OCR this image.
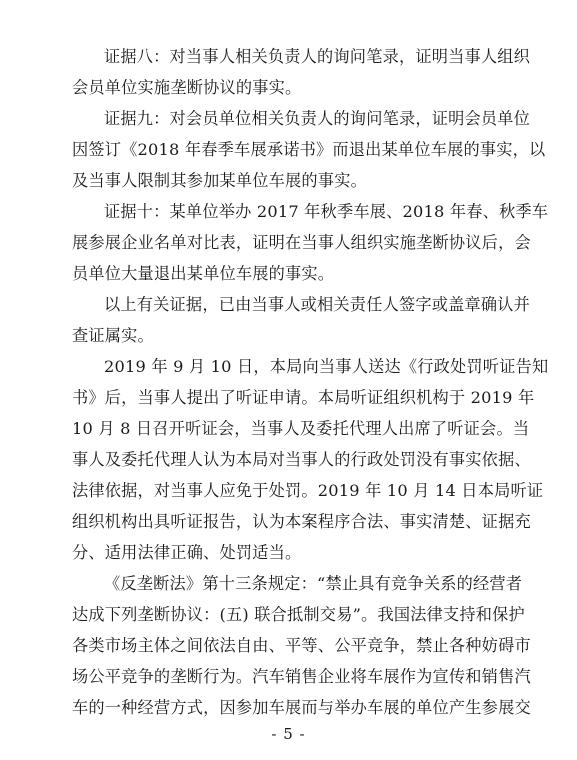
证据八：对当事人相关负责人的询问笔录，证明当事人组织
会员单位实施垄断协议的事实。
证据九：对会员单位相关负责人的询问笔录，证明会员单位
因签订《2018 年春季车展承诺书》而退出某单位车展的事实，以
及当事人限制其参加某单位车展的事实。
证据十：某单位举办 2017 年秋季车展、2018 年春、秋季车
展参展企业名单对比表，证明在当事人组织实施垄断协议后，会
员单位大量退出某单位车展的事实。
以上有关证据，已由当事人或相关责任人签字或盖章确认并
查证属实。
2019 年 9 月 10 日，本局向当事人送达《行政处罚听证告知
书》后，当事人提出了听证申请。本局听证组织机构于 2019 年
10 月 8 日召开听证会，当事人及委托代理人出席了听证会。当
事人及委托代理人认为本局对当事人的行政处罚没有事实依据、
法律依据，对当事人应免于处罚。2019 年 10 月 14 日本局听证
组织机构出具听证报告，认为本案程序合法、事实清楚、证据充
分、适用法律正确、处罚适当。
《反垄断法》第十三条规定：“禁止具有竞争关系的经营者
达成下列垄断协议：(五) 联合抵制交易”。我国法律支持和保护
各类市场主体之间依法自由、平等、公平竞争，禁止各种妨碍市
场公平竞争的垄断行为。汽车销售企业将车展作为宣传和销售汽
车的一种经营方式，因参加车展而与举办车展的单位产生参展交
- 5 -
